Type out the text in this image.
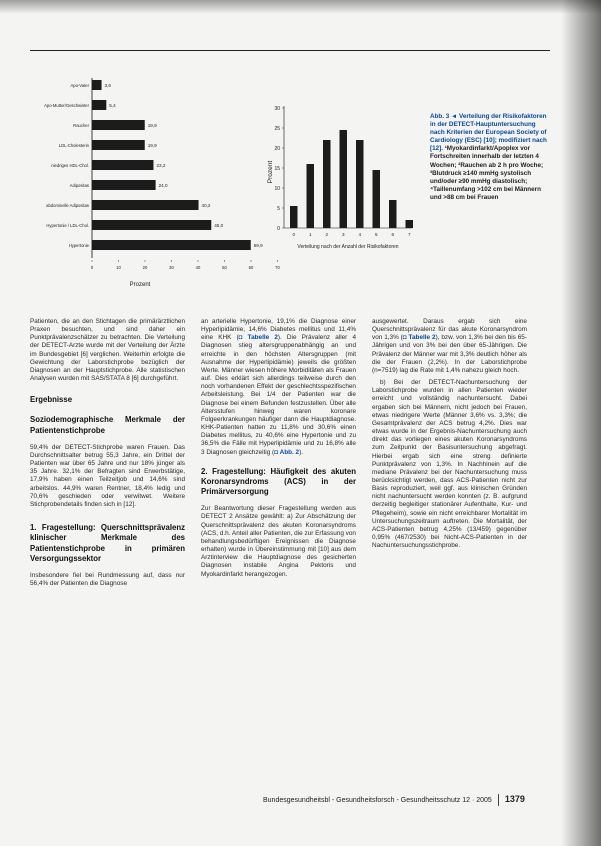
Apo-Vater
Apo-Mutter/Geschwister
Raucher
LDL-Cholesterin
niedriges HDL-Chol.
Adipositas
abdominelle Adipositas
Hypertonie / LDL-Chol.
Hypertonie
3,6
5,4
19,9
19,9
23,2
24,0
40,2
45,0
59,9
0	10	20	30	40	50	60	70
Prozent
Prozent
0
5
10
15
20
25
30
0	1	2	3	4	5	6	7
Verteilung nach der Anzahl der Risikofaktoren
Abb. 3 ◄ Verteilung der Risikofaktoren in der DETECT-Hauptuntersuchung nach Kriterien der European Society of Cardiology (ESC) [10]; modifiziert nach [12]. ¹Myokardinfarkt/Apoplex vor Fortschreiten innerhalb der letzten 4 Wochen; ²Rauchen ab 2 h pro Woche; ³Blutdruck ≥140 mmHg systolisch und/oder ≥90 mmHg diastolisch; ⁴Taillenumfang >102 cm bei Männern und >88 cm bei Frauen

Patienten, die an den Stichtagen die primärärztlichen Praxen besuchten, und sind daher ein Punktprävalenzschätzer zu betrachten. Die Verteilung der DETECT-Arzte wurde mit der Verteilung der Ärzte im Bundesgebiet [6] verglichen. Weiterhin erfolgte die Gewichtung der Laborstichprobe bezüglich der Diagnosen an der Hauptstichprobe. Alle statistischen Analysen wurden mit SAS/STATA 8 [6] durchgeführt.

Ergebnisse
Soziodemographische Merkmale der Patientenstichprobe

59,4% der DETECT-Stichprobe waren Frauen. Das Durchschnittsalter betrug 55,3 Jahre, ein Drittel der Patienten war über 65 Jahre und nur 18% jünger als 35 Jahre. 32,1% der Befragten sind Erwerbstätige, 17,9% haben einen Teilzeitjob und 14,6% sind arbeitslos. 44,9% waren Rentner, 18,4% ledig und 70,6% geschieden oder verwitwet. Weitere Stichprobendetails finden sich in [12].

1. Fragestellung: Querschnittsprävalenz klinischer Merkmale des Patientenstichprobe in primären Versorgungssektor

Insbesondere fiel bei Rundmessung auf, dass nur 56,4% der Patienten die Diagnose

an arterielle Hypertonie, 19,1% die Diagnose einer Hyperlipidämie, 14,6% Diabetes mellitus und 11,4% eine KHK (◘ Tabelle 2). Die Prävalenz aller 4 Diagnosen stieg altersgruppenabhängig an und erreichte in den höchsten Altersgruppen (mit Ausnahme der Hyperlipidämie) jeweils die größten Werte. Männer wiesen höhere Morbiditäten als Frauen auf. Dies erklärt sich allerdings teilweise durch den noch vorhandenen Effekt der geschlechtsspezifischen Arbeitsleistung. Bei 1/4 der Patienten war die Diagnose bei einem Befunden festzustellen. Über alle Altersstufen hinweg waren koronare Folgeerkrankungen häufiger dann die Hauptdiagnose. KHK-Patienten hatten zu 11,8% und 30,6% einen Diabetes mellitus, zu 40,6% eine Hypertonie und zu 36,5% die Fälle mit Hyperlipidämie und zu 16,8% alle 3 Diagnosen gleichzeitig (◘ Abb. 2).

2. Fragestellung: Häufigkeit des akuten Koronarsyndroms (ACS) in der Primärversorgung

Zur Beantwortung dieser Fragestellung werden aus DETECT 2 Ansätze gewählt: a) Zur Abschätzung der Querschnittsprävalenz des akuten Koronarsyndroms (ACS, d.h. Anteil aller Patienten, die zur Erfassung von behandlungsbedürftigen Ereignissen die Diagnose erhalten) wurde in Übereinstimmung mit [10] aus dem Arztinterview die Hauptdiagnose des gesicherten Diagnosen instabile Angina Pektoris und Myokardinfarkt herangezogen.

ausgewertet. Daraus ergab sich eine Querschnittsprävalenz für das akute Koronarsyndrom von 1,3% (◘ Tabelle 2), bzw. von 1,3% bei den bis 65-Jährigen und von 3% bei den über 65-Jährigen. Die Prävalenz der Männer war mit 3,3% deutlich höher als die der Frauen (2,2%). In der Laborstichprobe (n=7519) lag die Rate mit 1,4% nahezu gleich hoch.

b) Bei der DETECT-Nachuntersuchung der Laborstichprobe wurden in allen Patienten wieder erreicht und vollständig nachuntersucht. Dabei ergaben sich bei Männern, nicht jedoch bei Frauen, etwas niedrigere Werte (Männer 3,6% vs. 3,3%; die Gesamtprävalenz der ACS betrug 4,2%. Dies war etwas wurde in der Ergebnis-Nachuntersuchung auch direkt das vorliegen eines akuten Koronarsyndroms zum Zeitpunkt der Basisuntersuchung abgefragt. Hierbei ergab sich eine streng definierte Punktprävalenz von 1,3%. In Nachhinein auf die mediane Prävalenz bei der Nachuntersuchung muss berücksichtigt werden, dass ACS-Patienten nicht zur Basis reproduziert, weil ggf. aus klinischen Gründen nicht nachuntersucht werden konnten (z. B. aufgrund derzeitig begleitiger stationärer Aufenthalte, Kur- und Pflegeheim), sowie ein nicht erreichbarer Mortalität im Untersuchungszeitraum auftreten. Die Mortalität, der ACS-Patienten betrug 4,25% (13/459) gegenüber 0,95% (467/2530) bei Nicht-ACS-Patienten in der Nachuntersuchungsstichprobe.

Bundesgesundheitsbl - Gesundheitsforsch - Gesundheitsschutz 12 · 2005 1379
